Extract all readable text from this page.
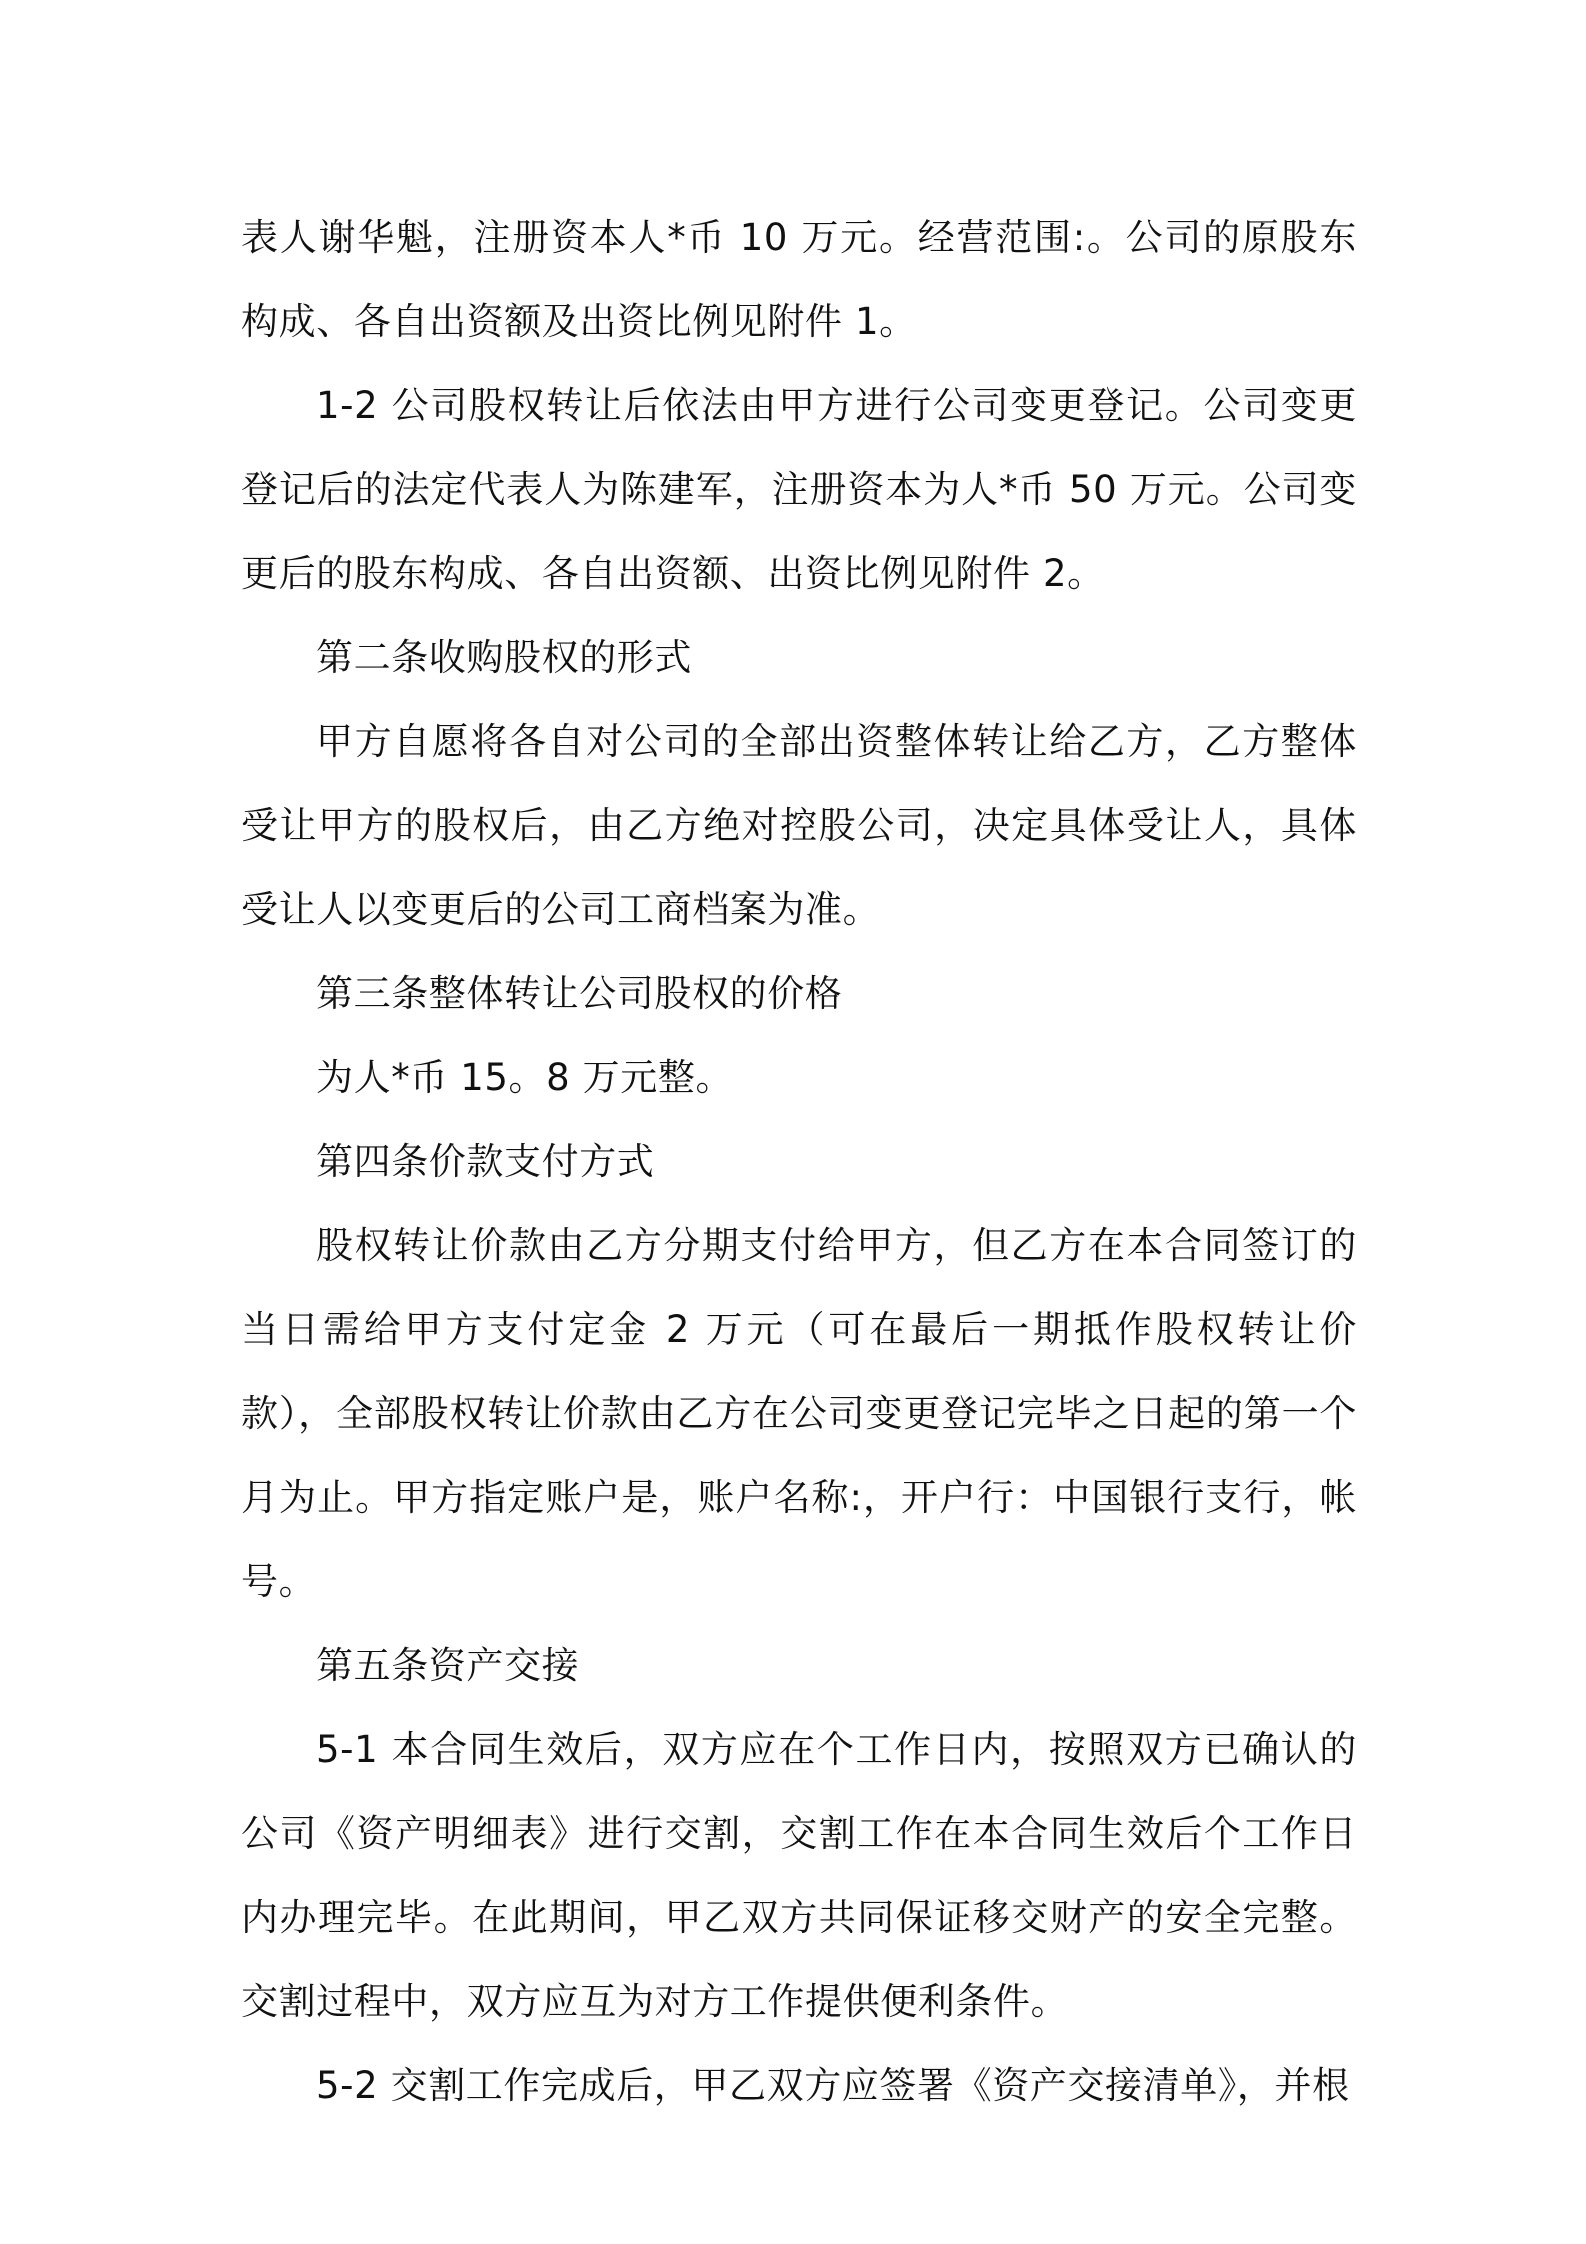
表人谢华魁，注册资本人*币 10 万元。经营范围:。公司的原股东构成、各自出资额及出资比例见附件 1。

1-2 公司股权转让后依法由甲方进行公司变更登记。公司变更登记后的法定代表人为陈建军，注册资本为人*币 50 万元。公司变更后的股东构成、各自出资额、出资比例见附件 2。

第二条收购股权的形式

甲方自愿将各自对公司的全部出资整体转让给乙方，乙方整体受让甲方的股权后，由乙方绝对控股公司，决定具体受让人，具体受让人以变更后的公司工商档案为准。

第三条整体转让公司股权的价格

为人*币 15。8 万元整。

第四条价款支付方式

股权转让价款由乙方分期支付给甲方，但乙方在本合同签订的当日需给甲方支付定金 2 万元（可在最后一期抵作股权转让价款），全部股权转让价款由乙方在公司变更登记完毕之日起的第一个月为止。甲方指定账户是，账户名称:，开户行：中国银行支行，帐号。

第五条资产交接

5-1 本合同生效后，双方应在个工作日内，按照双方已确认的公司《资产明细表》进行交割，交割工作在本合同生效后个工作日内办理完毕。在此期间，甲乙双方共同保证移交财产的安全完整。交割过程中，双方应互为对方工作提供便利条件。

5-2 交割工作完成后，甲乙双方应签署《资产交接清单》，并根
